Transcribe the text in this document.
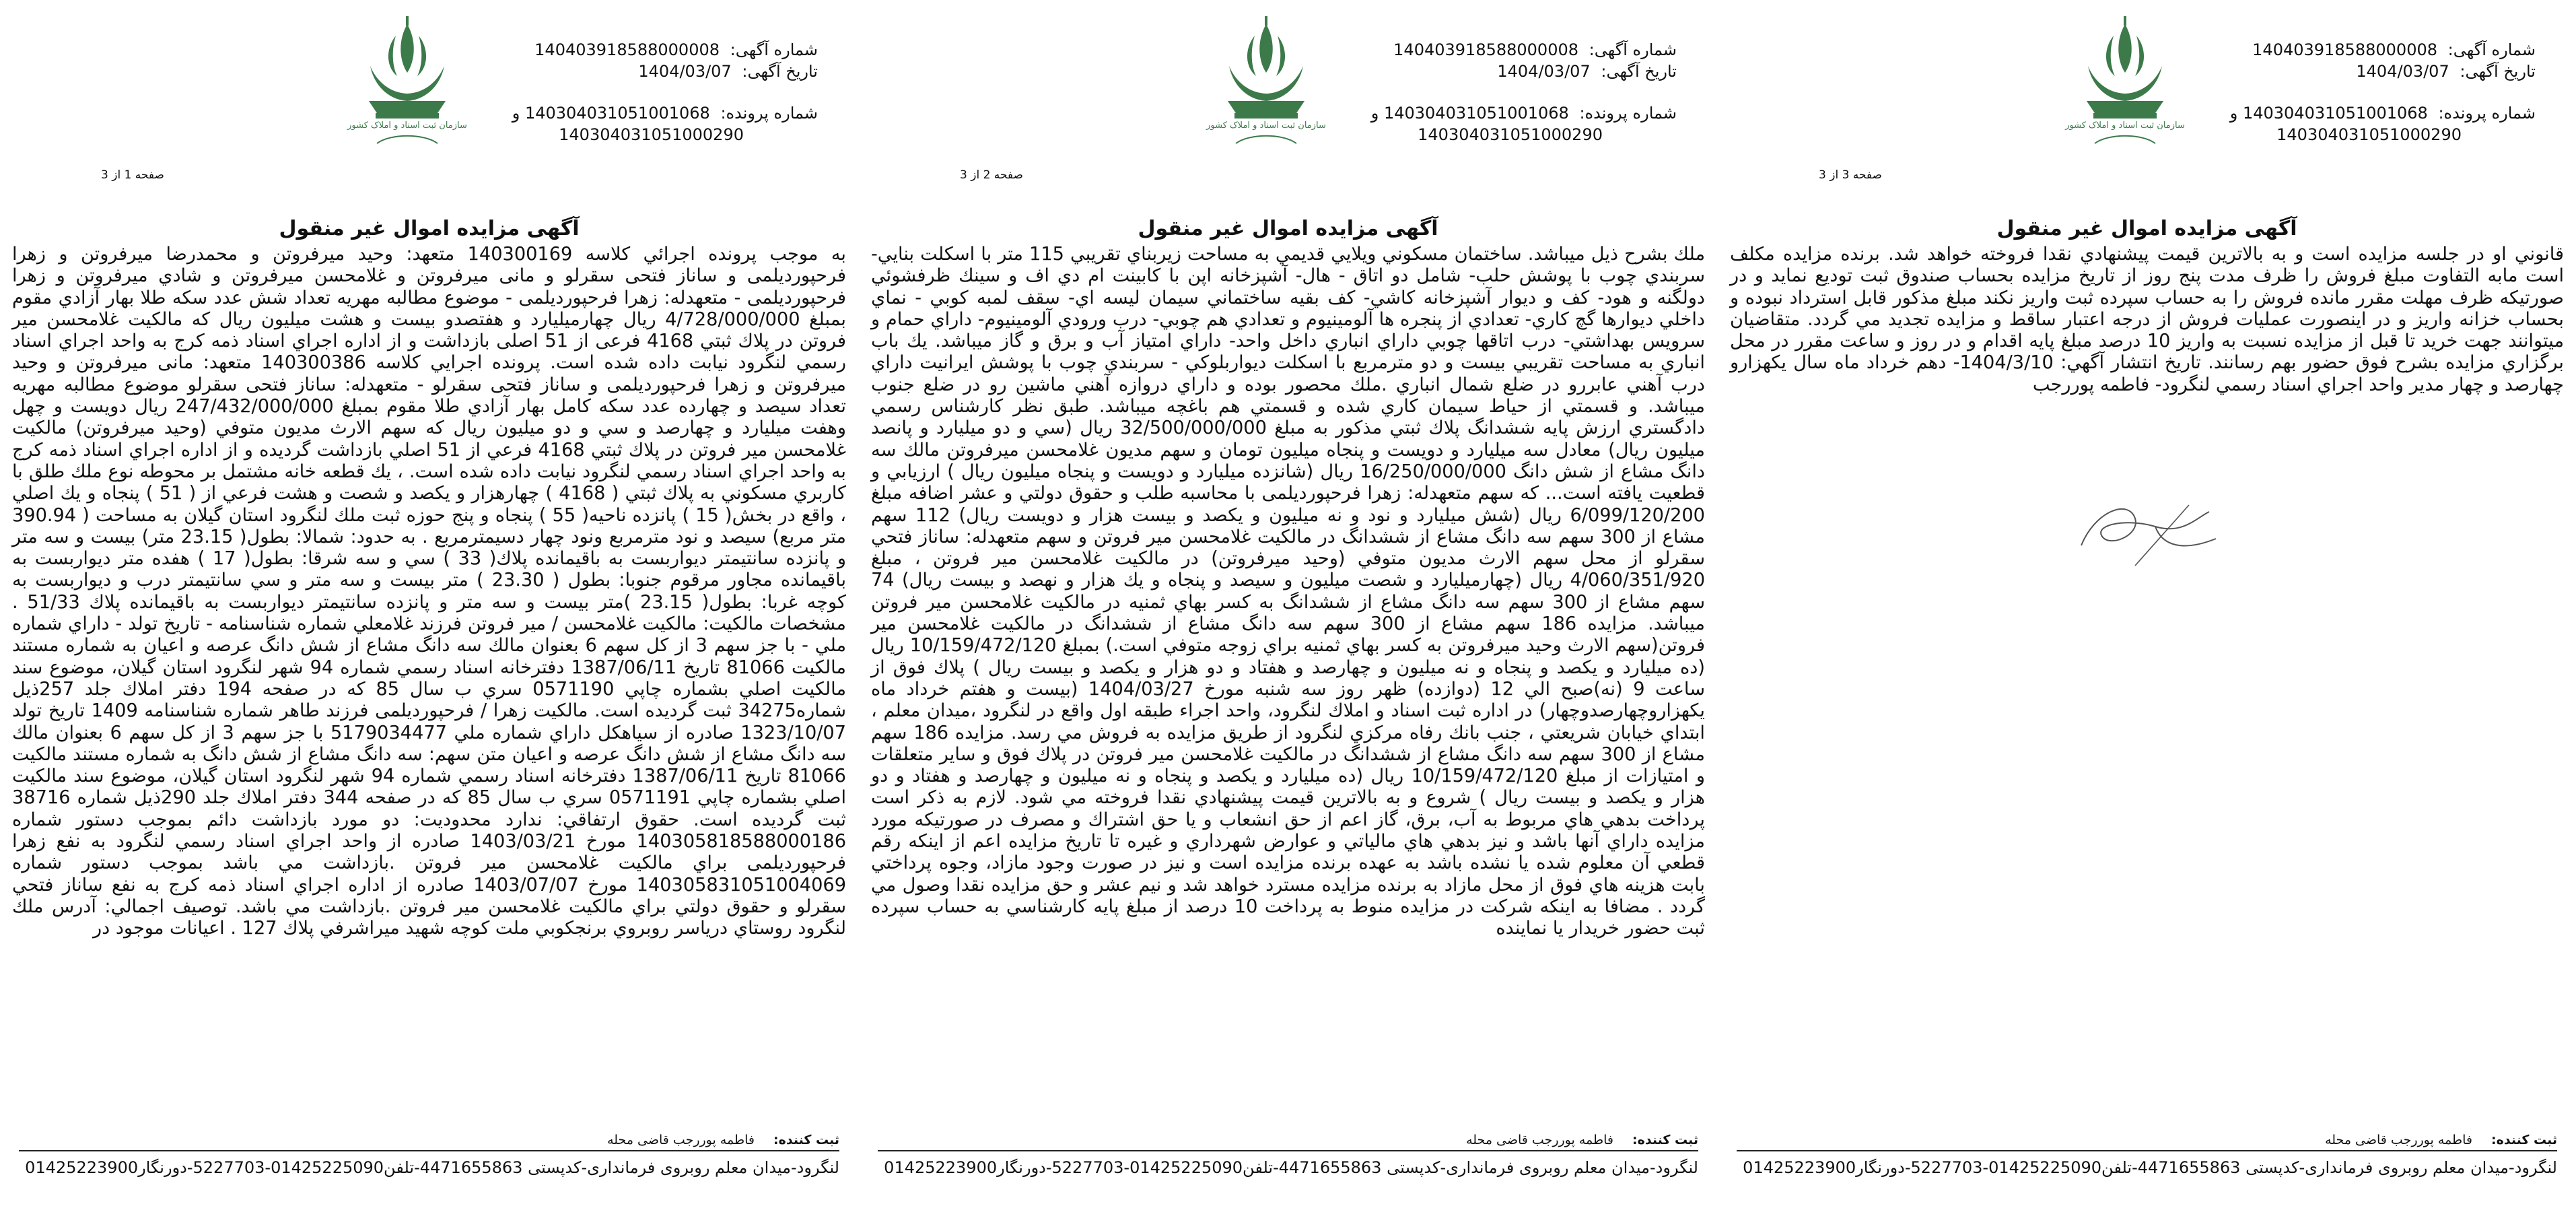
سازمان ثبت اسناد و املاک کشور
شماره آگهی: 140403918588000008
تاریخ آگهی: 1404/03/07
شماره پرونده: 140304031051001068 و
140304031051000290
صفحه 1 از 3
آگهی مزایده اموال غیر منقول
به موجب پرونده اجرائي كلاسه 140300169 متعهد: وحيد ميرفروتن و محمدرضا ميرفروتن و زهرا فرحپوردیلمی و ساناز فتحی سقرلو و مانی ميرفروتن و غلامحسن ميرفروتن و شادي ميرفروتن و زهرا فرحپوردیلمی - متعهدله: زهرا فرحپوردیلمی - موضوع مطالبه مهريه تعداد شش عدد سكه طلا بهار آزادي مقوم بمبلغ 4/728/000/000 ريال چهارمیلیارد و هفتصدو بیست و هشت میلیون ريال كه مالكيت غلامحسن مير فروتن در پلاك ثبتي 4168 فرعی از 51 اصلی بازداشت و از اداره اجراي اسناد ذمه كرج به واحد اجراي اسناد رسمي لنگرود نيابت داده شده است. پرونده اجرايي كلاسه 140300386 متعهد: مانی ميرفروتن و وحيد ميرفروتن و زهرا فرحپوردیلمی و ساناز فتحی سقرلو - متعهدله: ساناز فتحی سقرلو موضوع مطالبه مهريه تعداد سيصد و چهارده عدد سكه كامل بهار آزادي طلا مقوم بمبلغ 247/432/000/000 ريال دويست و چهل وهفت ميليارد و چهارصد و سي و دو ميليون ريال كه سهم الارث مديون متوفي (وحيد ميرفروتن) مالكيت غلامحسن مير فروتن در پلاك ثبتي 4168 فرعي از 51 اصلي بازداشت گرديده و از اداره اجراي اسناد ذمه كرج به واحد اجراي اسناد رسمي لنگرود نيابت داده شده است. ، يك قطعه خانه مشتمل بر محوطه نوع ملك طلق با كاربري مسكوني به پلاك ثبتي ( 4168 ) چهارهزار و يكصد و شصت و هشت فرعي از ( 51 ) پنجاه و يك اصلي ، واقع در بخش( 15 ) پانزده ناحيه( 55 ) پنجاه و پنج حوزه ثبت ملك لنگرود استان گيلان به مساحت ( 390.94 متر مربع) سيصد و نود مترمربع ونود چهار دسيمترمربع . به حدود: شمالا: بطول( 23.15 متر) بيست و سه متر و پانزده سانتيمتر ديواربست به باقيمانده پلاك( 33 ) سي و سه شرقا: بطول( 17 ) هفده متر ديواربست به باقيمانده مجاور مرقوم جنوبا: بطول ( 23.30 ) متر بيست و سه متر و سي سانتيمتر درب و ديواربست به كوچه غربا: بطول( 23.15 )متر بيست و سه متر و پانزده سانتيمتر ديواربست به باقيمانده پلاك 51/33 . مشخصات مالكيت: مالكيت غلامحسن / مير فروتن فرزند غلامعلي شماره شناسنامه - تاريخ تولد - داراي شماره ملي - با جز سهم 3 از كل سهم 6 بعنوان مالك سه دانگ مشاع از شش دانگ عرصه و اعيان به شماره مستند مالكيت 81066 تاريخ 1387/06/11 دفترخانه اسناد رسمي شماره 94 شهر لنگرود استان گيلان، موضوع سند مالكيت اصلي بشماره چاپي 0571190 سري ب سال 85 كه در صفحه 194 دفتر املاك جلد 257ذيل شماره34275 ثبت گرديده است. مالكيت زهرا / فرحپوردیلمی فرزند طاهر شماره شناسنامه 1409 تاريخ تولد 1323/10/07 صادره از سياهكل داراي شماره ملي 5179034477 با جز سهم 3 از كل سهم 6 بعنوان مالك سه دانگ مشاع از شش دانگ عرصه و اعيان متن سهم: سه دانگ مشاع از شش دانگ به شماره مستند مالكيت 81066 تاريخ 1387/06/11 دفترخانه اسناد رسمي شماره 94 شهر لنگرود استان گيلان، موضوع سند مالكيت اصلي بشماره چاپي 0571191 سري ب سال 85 كه در صفحه 344 دفتر املاك جلد 290ذيل شماره 38716 ثبت گرديده است. حقوق ارتفاقي: ندارد محدوديت: دو مورد بازداشت دائم بموجب دستور شماره 140305818588000186 مورخ 1403/03/21 صادره از واحد اجراي اسناد رسمي لنگرود به نفع زهرا فرحپوردیلمی براي مالكيت غلامحسن مير فروتن .بازداشت مي باشد بموجب دستور شماره 140305831051004069 مورخ 1403/07/07 صادره از اداره اجراي اسناد ذمه كرج به نفع ساناز فتحي سقرلو و حقوق دولتي براي مالكيت غلامحسن مير فروتن .بازداشت مي باشد. توصيف اجمالي: آدرس ملك لنگرود روستاي درياسر روبروي برنجكوبي ملت كوچه شهيد ميراشرفي پلاك 127 . اعيانات موجود در
ثبت کننده: فاطمه پوررجب قاضی محله
لنگرود-میدان معلم روبروی فرمانداری-کدپستی 4471655863-تلفن01425225090-5227703-دورنگار01425223900
سازمان ثبت اسناد و املاک کشور
شماره آگهی: 140403918588000008
تاریخ آگهی: 1404/03/07
شماره پرونده: 140304031051001068 و
140304031051000290
صفحه 2 از 3
آگهی مزایده اموال غیر منقول
ملك بشرح ذيل ميباشد. ساختمان مسكوني ويلايي قديمي به مساحت زيربناي تقريبي 115 متر با اسكلت بنايي- سربندي چوب با پوشش حلب- شامل دو اتاق - هال- آشپزخانه اپن با كابينت ام دي اف و سينك ظرفشوئي دولگنه و هود- كف و ديوار آشپزخانه كاشي- كف بقيه ساختماني سيمان ليسه اي- سقف لمبه كوبي - نماي داخلي ديوارها گچ كاري- تعدادي از پنجره ها آلومينيوم و تعدادي هم چوبي- درب ورودي آلومينيوم- داراي حمام و سرويس بهداشتي- درب اتاقها چوبي داراي انباري داخل واحد- داراي امتياز آب و برق و گاز ميباشد. يك باب انباري به مساحت تقريبي بيست و دو مترمربع با اسكلت ديواربلوكي - سربندي چوب با پوشش ايرانيت داراي درب آهني عابررو در ضلع شمال انباري .ملك محصور بوده و داراي دروازه آهني ماشين رو در ضلع جنوب ميباشد. و قسمتي از حياط سيمان كاري شده و قسمتي هم باغچه ميباشد. طبق نظر كارشناس رسمي دادگستري ارزش پايه ششدانگ پلاك ثبتي مذكور به مبلغ 32/500/000/000 ريال (سي و دو ميليارد و پانصد ميليون ريال) معادل سه ميليارد و دويست و پنجاه ميليون تومان و سهم مديون غلامحسن ميرفروتن مالك سه دانگ مشاع از شش دانگ 16/250/000/000 ريال (شانزده ميليارد و دويست و پنجاه ميليون ريال ) ارزيابي و قطعيت يافته است... كه سهم متعهدله: زهرا فرحپوردیلمی با محاسبه طلب و حقوق دولتي و عشر اضافه مبلغ 6/099/120/200 ريال (شش ميليارد و نود و نه ميليون و يكصد و بيست هزار و دويست ريال) 112 سهم مشاع از 300 سهم سه دانگ مشاع از ششدانگ در مالكيت غلامحسن مير فروتن و سهم متعهدله: ساناز فتحي سقرلو از محل سهم الارث مديون متوفي (وحيد ميرفروتن) در مالكيت غلامحسن مير فروتن ، مبلغ 4/060/351/920 ريال (چهارميليارد و شصت ميليون و سيصد و پنجاه و يك هزار و نهصد و بيست ريال) 74 سهم مشاع از 300 سهم سه دانگ مشاع از ششدانگ به كسر بهاي ثمنيه در مالكيت غلامحسن مير فروتن ميباشد. مزايده 186 سهم مشاع از 300 سهم سه دانگ مشاع از ششدانگ در مالكيت غلامحسن مير فروتن(سهم الارث وحيد ميرفروتن به كسر بهاي ثمنيه براي زوجه متوفي است.) بمبلغ 10/159/472/120 ريال (ده ميليارد و يكصد و پنجاه و نه ميليون و چهارصد و هفتاد و دو هزار و يكصد و بيست ريال ) پلاك فوق از ساعت 9 (نه)صبح الي 12 (دوازده) ظهر روز سه شنبه مورخ 1404/03/27 (بيست و هفتم خرداد ماه يكهزاروچهارصدوچهار) در اداره ثبت اسناد و املاك لنگرود، واحد اجراء طبقه اول واقع در لنگرود ،ميدان معلم ، ابتداي خيابان شريعتي ، جنب بانك رفاه مركزي لنگرود از طريق مزايده به فروش مي رسد. مزايده 186 سهم مشاع از 300 سهم سه دانگ مشاع از ششدانگ در مالكيت غلامحسن مير فروتن در پلاك فوق و ساير متعلقات و امتيازات از مبلغ 10/159/472/120 ريال (ده ميليارد و يكصد و پنجاه و نه ميليون و چهارصد و هفتاد و دو هزار و يكصد و بيست ريال ) شروع و به بالاترين قيمت پيشنهادي نقدا فروخته مي شود. لازم به ذكر است پرداخت بدهي هاي مربوط به آب، برق، گاز اعم از حق انشعاب و يا حق اشتراك و مصرف در صورتيكه مورد مزايده داراي آنها باشد و نيز بدهي هاي مالياتي و عوارض شهرداري و غيره تا تاريخ مزايده اعم از اينكه رقم قطعي آن معلوم شده يا نشده باشد به عهده برنده مزايده است و نيز در صورت وجود مازاد، وجوه پرداختي بابت هزينه هاي فوق از محل مازاد به برنده مزايده مسترد خواهد شد و نيم عشر و حق مزايده نقدا وصول مي گردد . مضافا به اينكه شركت در مزايده منوط به پرداخت 10 درصد از مبلغ پايه كارشناسي به حساب سپرده ثبت حضور خريدار يا نماينده
ثبت کننده: فاطمه پوررجب قاضی محله
لنگرود-میدان معلم روبروی فرمانداری-کدپستی 4471655863-تلفن01425225090-5227703-دورنگار01425223900
سازمان ثبت اسناد و املاک کشور
شماره آگهی: 140403918588000008
تاریخ آگهی: 1404/03/07
شماره پرونده: 140304031051001068 و
140304031051000290
صفحه 3 از 3
آگهی مزایده اموال غیر منقول
قانوني او در جلسه مزايده است و به بالاترين قيمت پيشنهادي نقدا فروخته خواهد شد. برنده مزايده مكلف است مابه التفاوت مبلغ فروش را ظرف مدت پنج روز از تاريخ مزايده بحساب صندوق ثبت توديع نمايد و در صورتيكه ظرف مهلت مقرر مانده فروش را به حساب سپرده ثبت واريز نكند مبلغ مذكور قابل استرداد نبوده و بحساب خزانه واريز و در اينصورت عمليات فروش از درجه اعتبار ساقط و مزايده تجديد مي گردد. متقاضيان ميتوانند جهت خريد تا قبل از مزايده نسبت به واريز 10 درصد مبلغ پايه اقدام و در روز و ساعت مقرر در محل برگزاري مزايده بشرح فوق حضور بهم رسانند. تاريخ انتشار آگهي: 1404/3/10- دهم خرداد ماه سال يكهزارو چهارصد و چهار مدير واحد اجراي اسناد رسمي لنگرود- فاطمه پوررجب
ثبت کننده: فاطمه پوررجب قاضی محله
لنگرود-میدان معلم روبروی فرمانداری-کدپستی 4471655863-تلفن01425225090-5227703-دورنگار01425223900
